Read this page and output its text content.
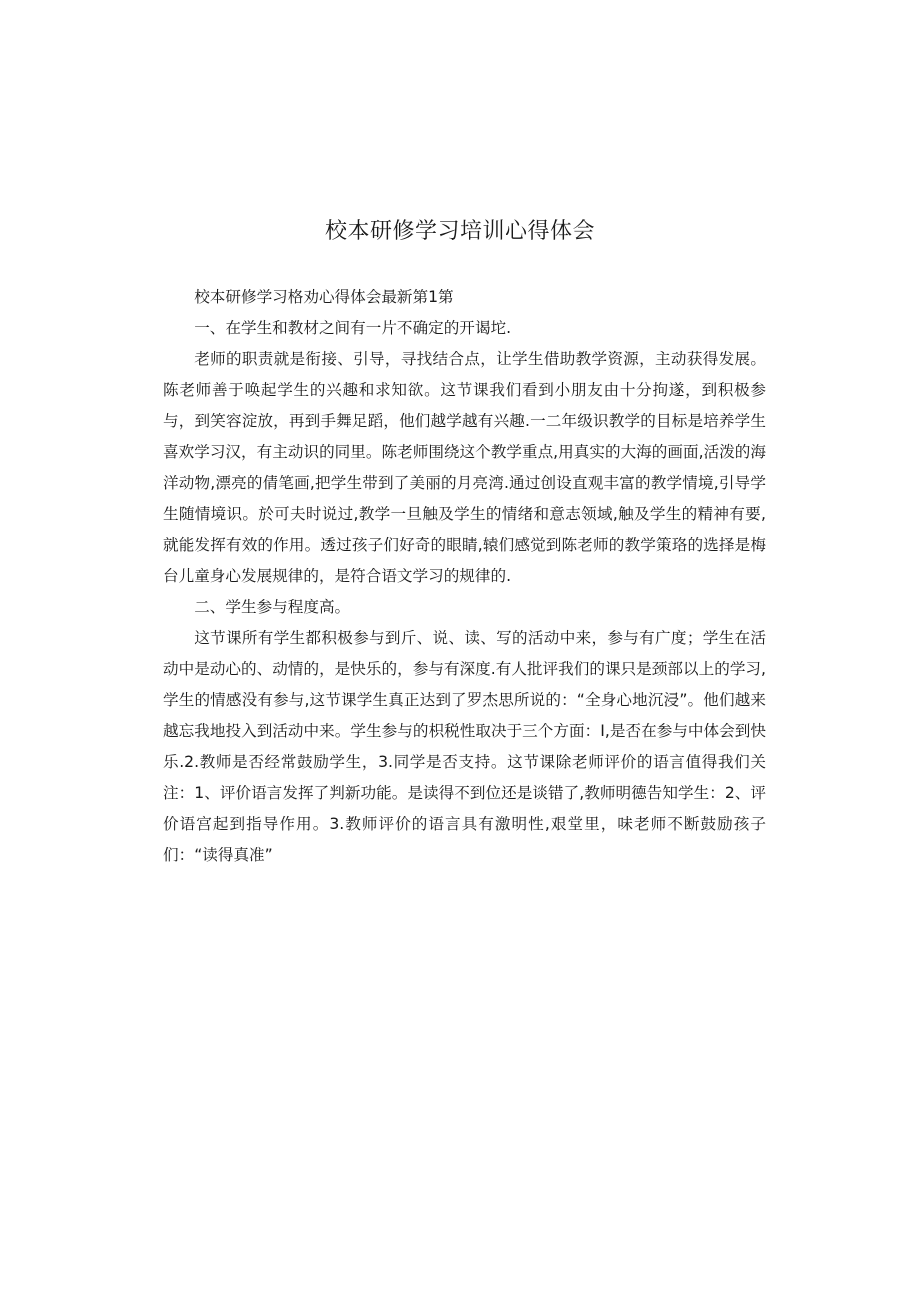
校本研修学习培训心得体会

校本研修学习格劝心得体会最新第1第

一、在学生和教材之间有一片不确定的开谒坨.

老师的职责就是衔接、引导，寻找结合点，让学生借助教学资源，主动获得发展。陈老师善于唤起学生的兴趣和求知欲。这节课我们看到小朋友由十分拘遂，到积极参与，到笑容淀放，再到手舞足蹈，他们越学越有兴趣.一二年级识教学的目标是培养学生喜欢学习汉，有主动识的同里。陈老师围绕这个教学重点,用真实的大海的画面,活泼的海洋动物,漂亮的倩笔画,把学生带到了美丽的月亮湾.通过创设直观丰富的教学情境,引导学生随情境识。於可夫时说过,教学一旦触及学生的情绪和意志领域,触及学生的精神有要,就能发挥有效的作用。透过孩子们好奇的眼睛,辕们感觉到陈老师的教学策珞的选择是梅台儿童身心发展规律的，是符合语文学习的规律的.

二、学生参与程度高。

这节课所有学生都积极参与到斤、说、读、写的活动中来，参与有广度；学生在活动中是动心的、动情的，是快乐的，参与有深度.有人批评我们的课只是颈部以上的学习,学生的情感没有参与,这节课学生真正达到了罗杰思所说的：“全身心地沉浸”。他们越来越忘我地投入到活动中来。学生参与的枳税性取决于三个方面：I,是否在参与中体会到快乐.2.教师是否经常鼓励学生，3.同学是否支持。这节课除老师评价的语言值得我们关注：1、评价语言发挥了判新功能。是读得不到位还是谈错了,教师明德告知学生：2、评价语宫起到指导作用。3.教师评价的语言具有激明性,艰堂里，味老师不断鼓励孩子们：“读得真准”
